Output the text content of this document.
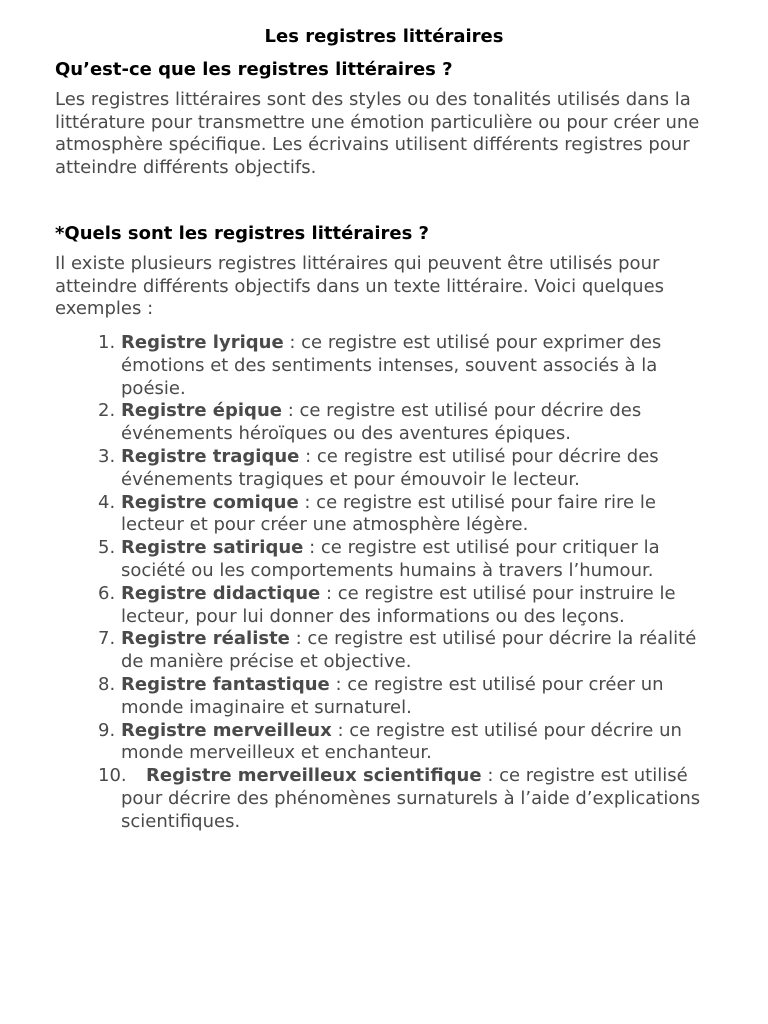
Les registres littéraires
Qu’est-ce que les registres littéraires ?

Les registres littéraires sont des styles ou des tonalités utilisés dans la littérature pour transmettre une émotion particulière ou pour créer une atmosphère spécifique. Les écrivains utilisent différents registres pour atteindre différents objectifs.

*Quels sont les registres littéraires ?

Il existe plusieurs registres littéraires qui peuvent être utilisés pour atteindre différents objectifs dans un texte littéraire. Voici quelques exemples :

1. Registre lyrique : ce registre est utilisé pour exprimer des émotions et des sentiments intenses, souvent associés à la poésie.
2. Registre épique : ce registre est utilisé pour décrire des événements héroïques ou des aventures épiques.
3. Registre tragique : ce registre est utilisé pour décrire des événements tragiques et pour émouvoir le lecteur.
4. Registre comique : ce registre est utilisé pour faire rire le lecteur et pour créer une atmosphère légère.
5. Registre satirique : ce registre est utilisé pour critiquer la société ou les comportements humains à travers l’humour.
6. Registre didactique : ce registre est utilisé pour instruire le lecteur, pour lui donner des informations ou des leçons.
7. Registre réaliste : ce registre est utilisé pour décrire la réalité de manière précise et objective.
8. Registre fantastique : ce registre est utilisé pour créer un monde imaginaire et surnaturel.
9. Registre merveilleux : ce registre est utilisé pour décrire un monde merveilleux et enchanteur.
10. Registre merveilleux scientifique : ce registre est utilisé pour décrire des phénomènes surnaturels à l’aide d’explications scientifiques.
